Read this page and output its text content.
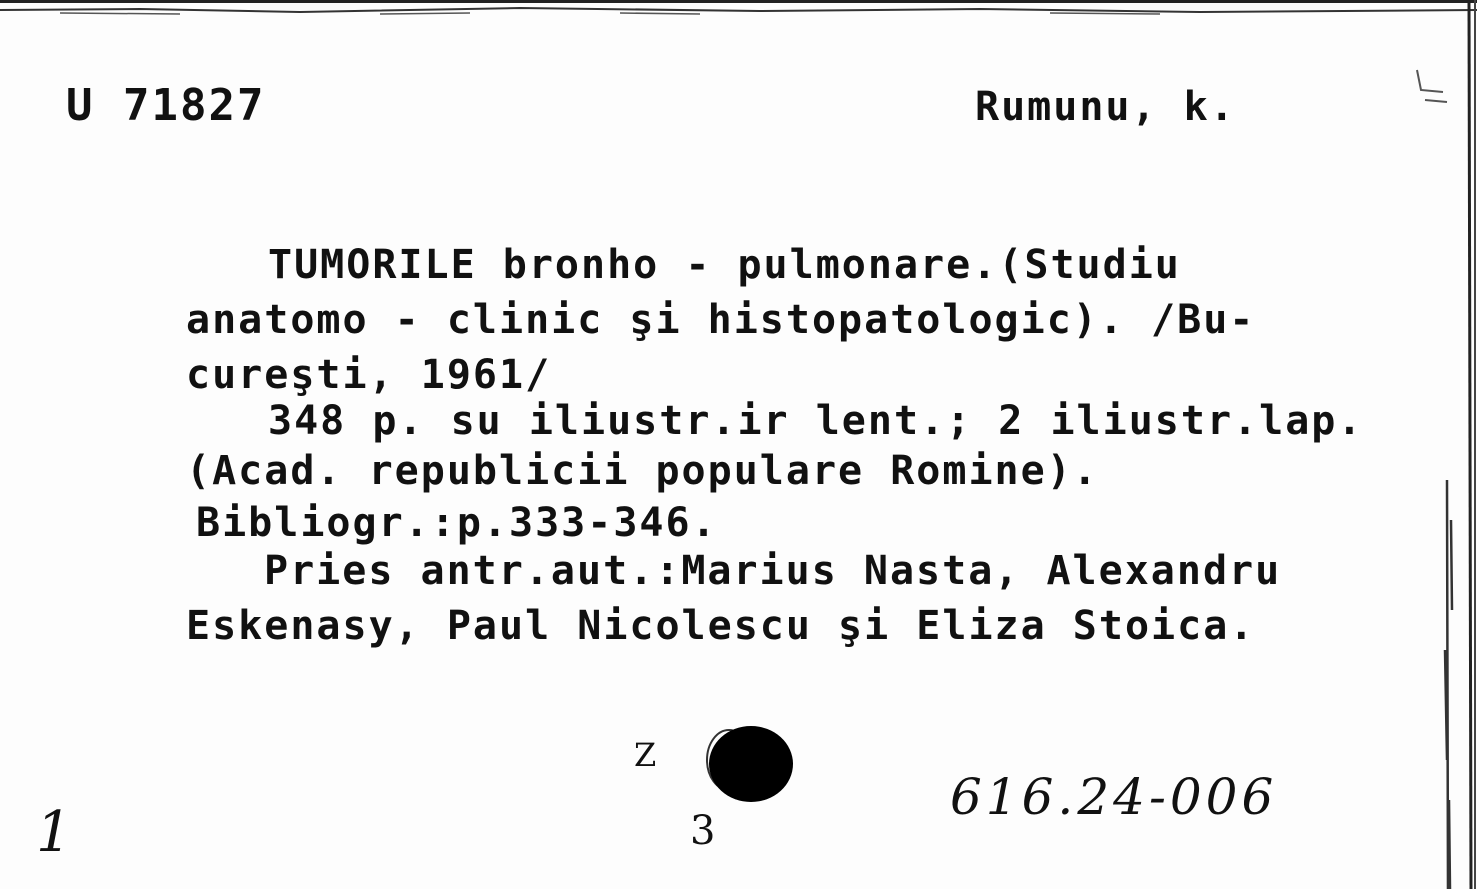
U 71827	Rumunu, k.
TUMORILE bronho - pulmonare.(Studiu
anatomo - clinic şi histopatologic). /Bu-
cureşti, 1961/
348 p. su iliustr.ir lent.; 2 iliustr.lap.
(Acad. republicii populare Romine).
Bibliogr.:p.333-346.
Pries antr.aut.:Marius Nasta, Alexandru
Eskenasy, Paul Nicolescu şi Eliza Stoica.
1
Z
3
616.24-006
